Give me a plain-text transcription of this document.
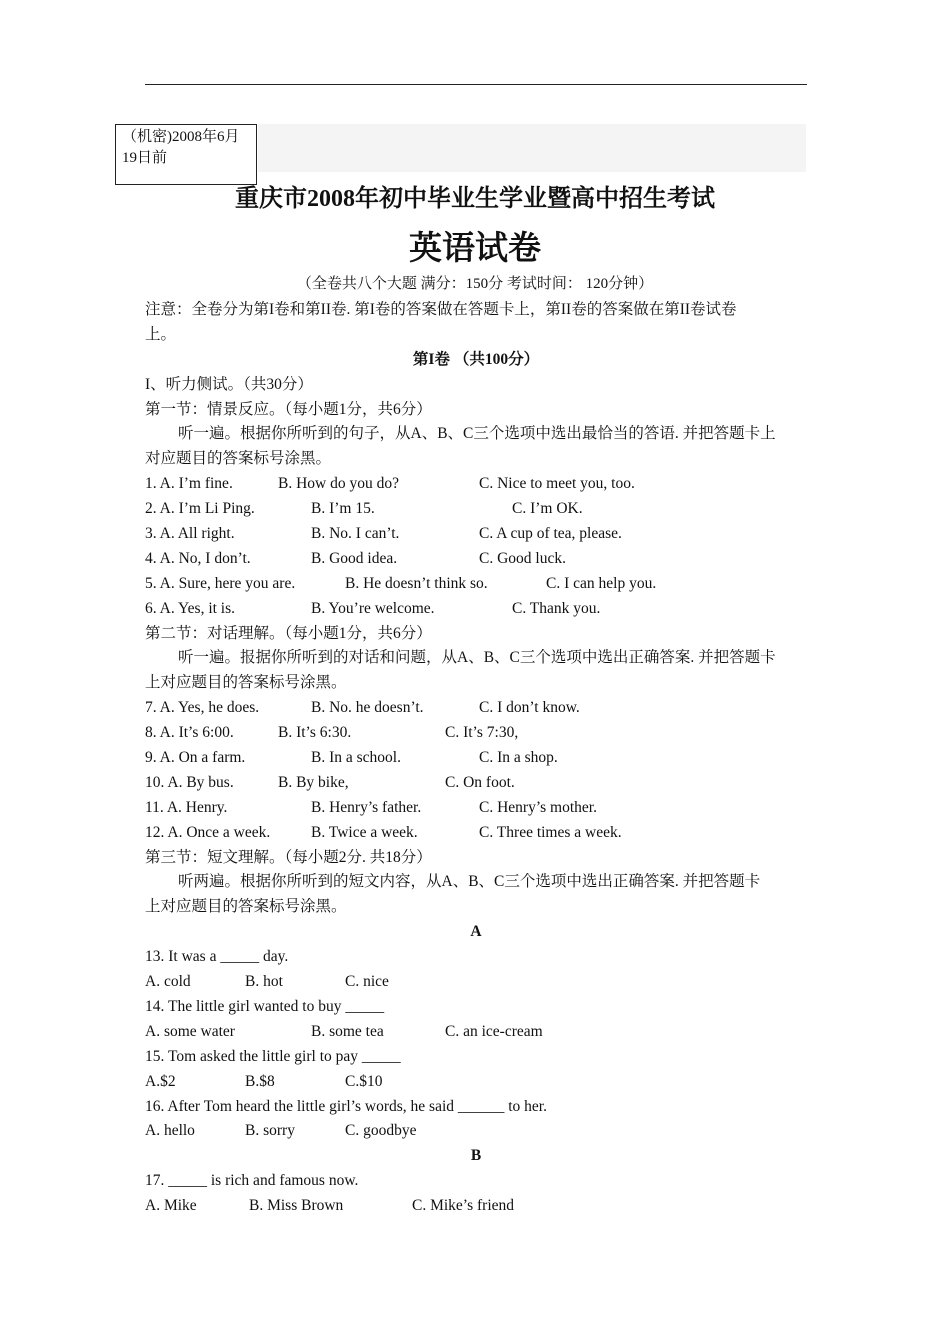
（机密)2008年6月19日前
重庆市2008年初中毕业生学业暨高中招生考试
英语试卷
（全卷共八个大题 满分：150分 考试时间： 120分钟）
注意：全卷分为第I卷和第II卷. 第I卷的答案做在答题卡上，第II卷的答案做在第II卷试卷
上。
第I卷 （共100分）
I、听力侧试。（共30分）
第一节：情景反应。（每小题1分，共6分）
听一遍。根据你所听到的句子，从A、B、C三个选项中选出最恰当的答语. 并把答题卡上
对应题目的答案标号涂黑。
1. A. I’m fine.	B. How do you do?	C. Nice to meet you, too.
2. A. I’m Li Ping.	B. I’m 15.	C. I’m OK.
3. A. All right.	B. No. I can’t.	C. A cup of tea, please.
4. A. No, I don’t.	B. Good idea.	C. Good luck.
5. A. Sure, here you are.	B. He doesn’t think so.	C. I can help you.
6. A. Yes, it is.	B. You’re welcome.	C. Thank you.
第二节：对话理解。（每小题1分，共6分）
听一遍。报据你所听到的对话和问题，从A、B、C三个选项中选出正确答案. 并把答题卡
上对应题目的答案标号涂黑。
7. A. Yes, he does.	B. No. he doesn’t.	C. I don’t know.
8. A. It’s 6:00.	B. It’s 6:30.	C. It’s 7:30,
9. A. On a farm.	B. In a school.	C. In a shop.
10. A. By bus.	B. By bike,	C. On foot.
11. A. Henry.	B. Henry’s father.	C. Henry’s mother.
12. A. Once a week.	B. Twice a week.	C. Three times a week.
第三节：短文理解。（每小题2分. 共18分）
听两遍。根据你所听到的短文内容，从A、B、C三个选项中选出正确答案. 并把答题卡
上对应题目的答案标号涂黑。
A
13. It was a _____ day.
A. cold	B. hot	C. nice
14. The little girl wanted to buy _____
A. some water	B. some tea	C. an ice-cream
15. Tom asked the little girl to pay _____
A.$2	B.$8	C.$10
16. After Tom heard the little girl’s words, he said ______ to her.
A. hello	B. sorry	C. goodbye
B
17. _____ is rich and famous now.
A. Mike	B. Miss Brown	C. Mike’s friend
